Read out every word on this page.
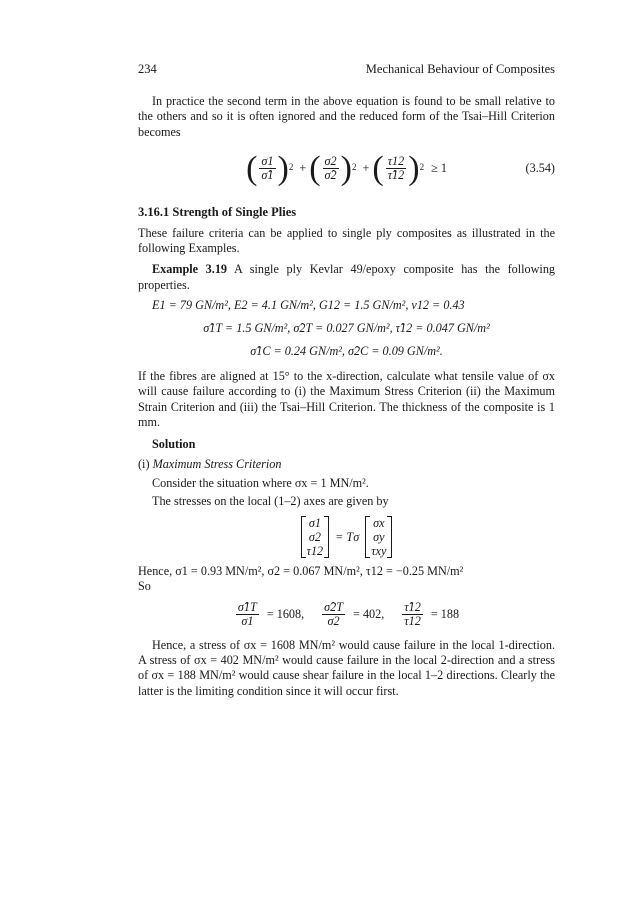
234	Mechanical Behaviour of Composites

In practice the second term in the above equation is found to be small relative to the others and so it is often ignored and the reduced form of the Tsai–Hill Criterion becomes

( $\frac{\sigma 1}{\sigmâ1}$ ) 2 + ( $\frac{\sigma 2}{\sigmâ2}$ ) 2 + ( $\frac{\tau 12}{\taû12}$ ) 2 ≥ 1	(3.54)
3.16.1 Strength of Single Plies

These failure criteria can be applied to single ply composites as illustrated in the following Examples.

Example 3.19 A single ply Kevlar 49/epoxy composite has the following properties.

E1 = 79 GN/m², E2 = 4.1 GN/m², G12 = 1.5 GN/m², ν12 = 0.43
σ̂1T = 1.5 GN/m², σ̂2T = 0.027 GN/m², τ̂12 = 0.047 GN/m²
σ̂1C = 0.24 GN/m², σ̂2C = 0.09 GN/m².

If the fibres are aligned at 15° to the x-direction, calculate what tensile value of σx will cause failure according to (i) the Maximum Stress Criterion (ii) the Maximum Strain Criterion and (iii) the Tsai–Hill Criterion. The thickness of the composite is 1 mm.

Solution

(i) Maximum Stress Criterion

Consider the situation where σx = 1 MN/m².

The stresses on the local (1–2) axes are given by

σ1
σ2
τ12
= Tσ
σx
σy
τxy

Hence, σ1 = 0.93 MN/m², σ2 = 0.067 MN/m², τ12 = −0.25 MN/m²

So

$\frac{\sigmâ1T}{\sigma 1} = 1608$, $\frac{\sigmâ2T}{\sigma 2} = 402$, $\frac{\taû12}{\tau 12} = 188$

Hence, a stress of σx = 1608 MN/m² would cause failure in the local 1-direction. A stress of σx = 402 MN/m² would cause failure in the local 2-direction and a stress of σx = 188 MN/m² would cause shear failure in the local 1–2 directions. Clearly the latter is the limiting condition since it will occur first.
